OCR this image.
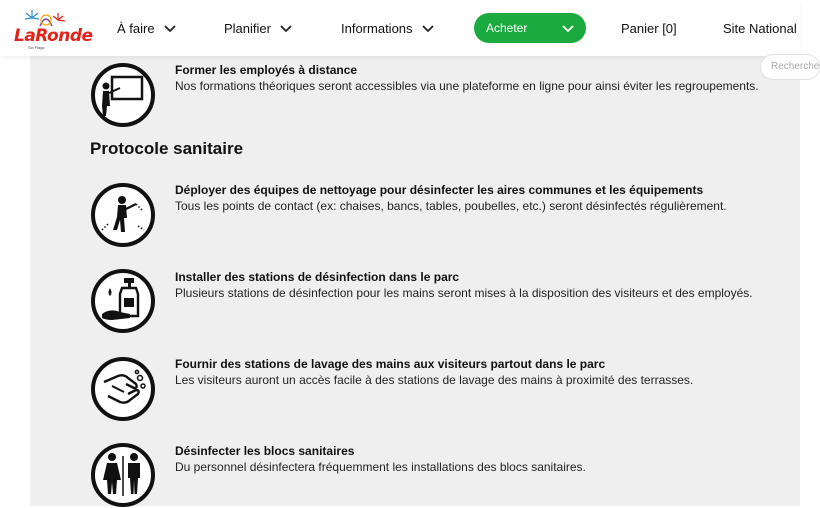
LaRonde
Six Flags
À faire	Planifier	Informations	Acheter	Panier [0]	Site National
Recherche
Former les employés à distance
Nos formations théoriques seront accessibles via une plateforme en ligne pour ainsi éviter les regroupements.
Protocole sanitaire
Déployer des équipes de nettoyage pour désinfecter les aires communes et les équipements
Tous les points de contact (ex: chaises, bancs, tables, poubelles, etc.) seront désinfectés régulièrement.
Installer des stations de désinfection dans le parc
Plusieurs stations de désinfection pour les mains seront mises à la disposition des visiteurs et des employés.
Fournir des stations de lavage des mains aux visiteurs partout dans le parc
Les visiteurs auront un accès facile à des stations de lavage des mains à proximité des terrasses.
Désinfecter les blocs sanitaires
Du personnel désinfectera fréquemment les installations des blocs sanitaires.
